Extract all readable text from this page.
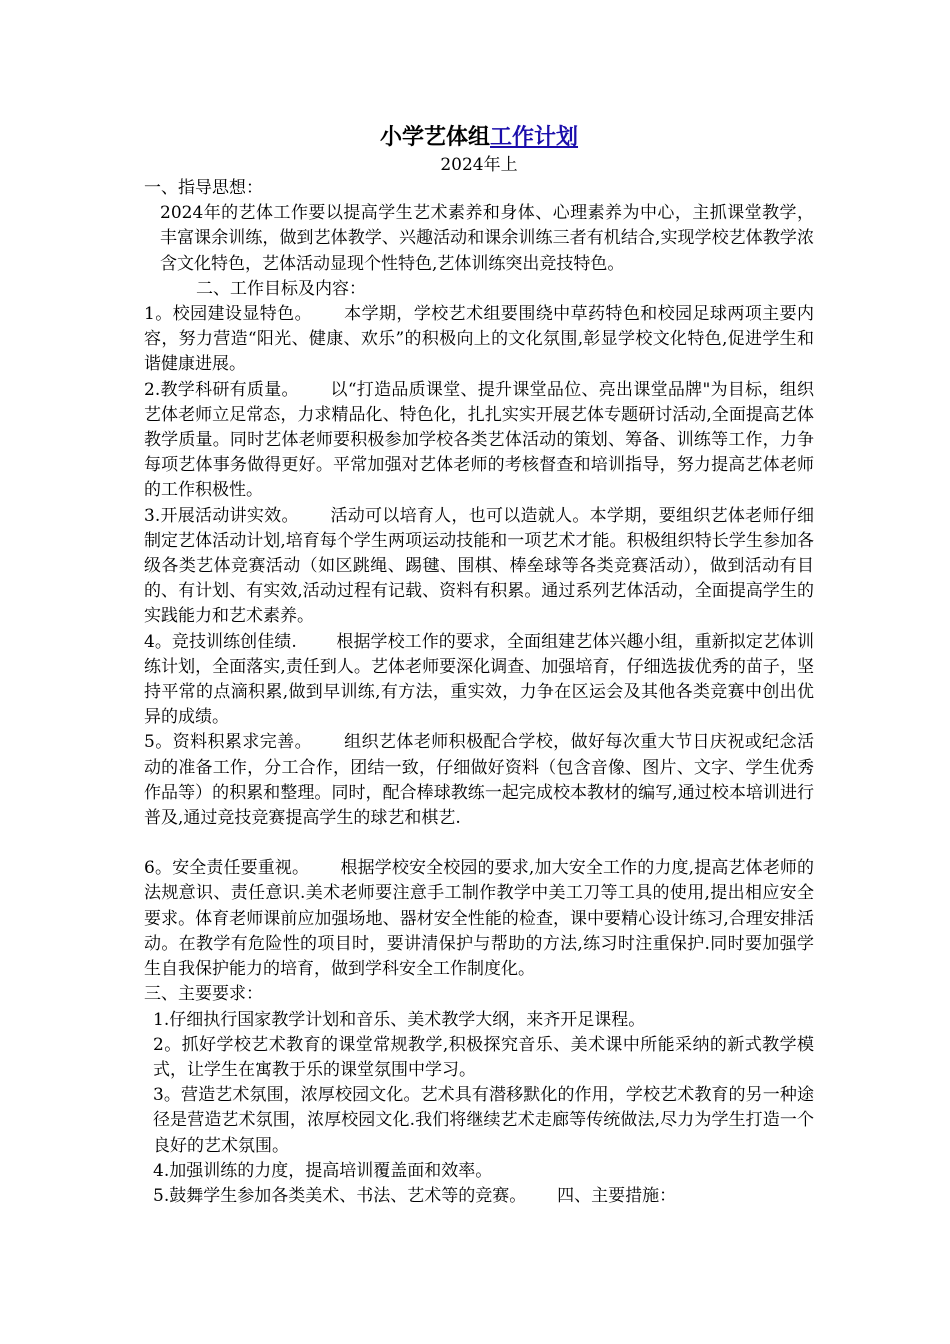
小学艺体组工作计划
2024年上

一、指导思想：

2024年的艺体工作要以提高学生艺术素养和身体、心理素养为中心，主抓课堂教学，丰富课余训练，做到艺体教学、兴趣活动和课余训练三者有机结合,实现学校艺体教学浓含文化特色，艺体活动显现个性特色,艺体训练突出竞技特色。

二、工作目标及内容：

1。校园建设显特色。　　 本学期，学校艺术组要围绕中草药特色和校园足球两项主要内容，努力营造“阳光、健康、欢乐”的积极向上的文化氛围,彰显学校文化特色,促进学生和谐健康进展。

2.教学科研有质量。　　 以“打造品质课堂、提升课堂品位、亮出课堂品牌"为目标，组织艺体老师立足常态，力求精品化、特色化，扎扎实实开展艺体专题研讨活动,全面提高艺体教学质量。同时艺体老师要积极参加学校各类艺体活动的策划、筹备、训练等工作，力争每项艺体事务做得更好。平常加强对艺体老师的考核督查和培训指导，努力提高艺体老师的工作积极性。

3.开展活动讲实效。　　 活动可以培育人，也可以造就人。本学期，要组织艺体老师仔细制定艺体活动计划,培育每个学生两项运动技能和一项艺术才能。积极组织特长学生参加各级各类艺体竞赛活动（如区跳绳、踢毽、围棋、棒垒球等各类竞赛活动），做到活动有目的、有计划、有实效,活动过程有记载、资料有积累。通过系列艺体活动，全面提高学生的实践能力和艺术素养。

4。竞技训练创佳绩.　　 根据学校工作的要求，全面组建艺体兴趣小组，重新拟定艺体训练计划，全面落实,责任到人。艺体老师要深化调查、加强培育，仔细选拔优秀的苗子，坚持平常的点滴积累,做到早训练,有方法，重实效，力争在区运会及其他各类竞赛中创出优异的成绩。

5。资料积累求完善。　　 组织艺体老师积极配合学校，做好每次重大节日庆祝或纪念活动的准备工作，分工合作，团结一致，仔细做好资料（包含音像、图片、文字、学生优秀作品等）的积累和整理。同时，配合棒球教练一起完成校本教材的编写,通过校本培训进行普及,通过竞技竞赛提高学生的球艺和棋艺.

6。安全责任要重视。　　 根据学校安全校园的要求,加大安全工作的力度,提高艺体老师的法规意识、责任意识.美术老师要注意手工制作教学中美工刀等工具的使用,提出相应安全要求。体育老师课前应加强场地、器材安全性能的检查，课中要精心设计练习,合理安排活动。在教学有危险性的项目时，要讲清保护与帮助的方法,练习时注重保护.同时要加强学生自我保护能力的培育，做到学科安全工作制度化。

三、主要要求：

1.仔细执行国家教学计划和音乐、美术教学大纲，来齐开足课程。

2。抓好学校艺术教育的课堂常规教学,积极探究音乐、美术课中所能采纳的新式教学模式，让学生在寓教于乐的课堂氛围中学习。

3。营造艺术氛围，浓厚校园文化。艺术具有潜移默化的作用，学校艺术教育的另一种途径是营造艺术氛围，浓厚校园文化.我们将继续艺术走廊等传统做法,尽力为学生打造一个良好的艺术氛围。

4.加强训练的力度，提高培训覆盖面和效率。

5.鼓舞学生参加各类美术、书法、艺术等的竞赛。　　 四、主要措施：
